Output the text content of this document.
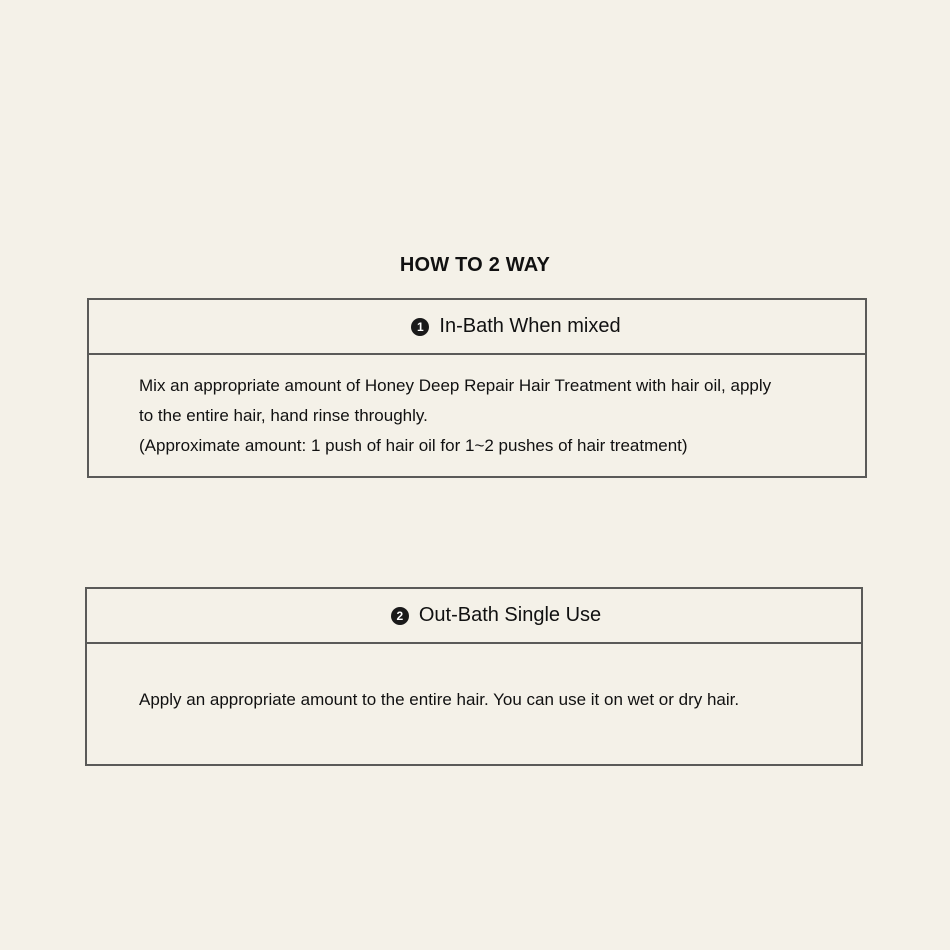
HOW TO 2 WAY
1 In-Bath When mixed
Mix an appropriate amount of Honey Deep Repair Hair Treatment with hair oil, apply
to the entire hair, hand rinse throughly.
(Approximate amount: 1 push of hair oil for 1~2 pushes of hair treatment)
2 Out-Bath Single Use
Apply an appropriate amount to the entire hair. You can use it on wet or dry hair.
